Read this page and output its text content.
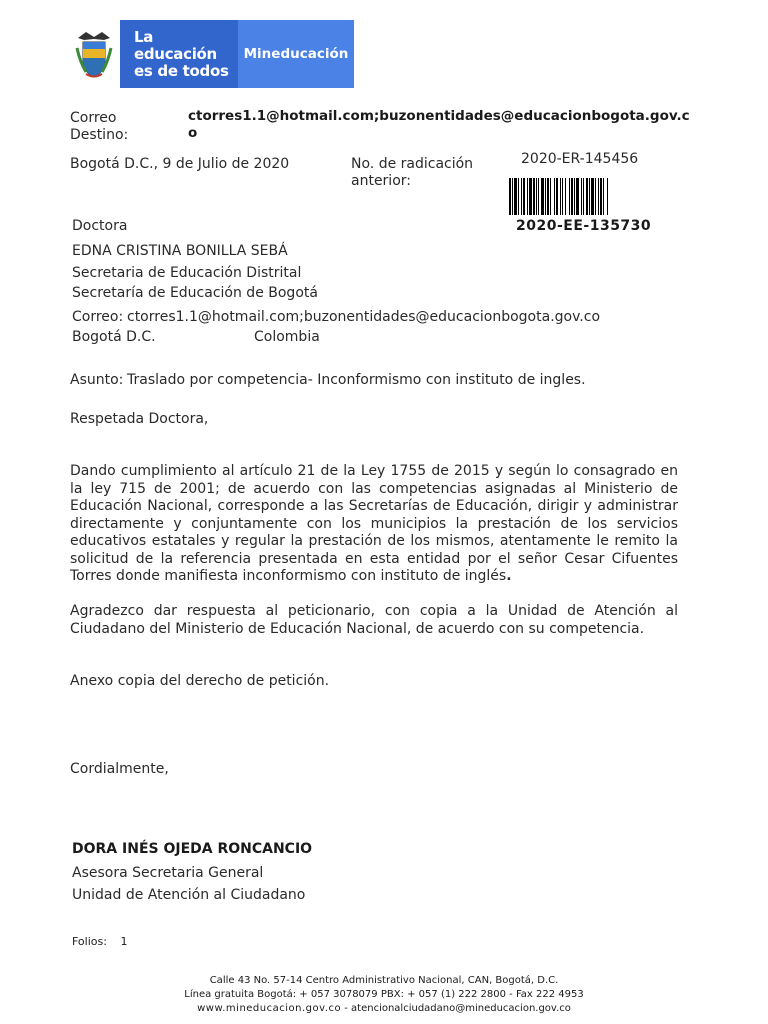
La educación
es de todos
Mineducación
Correo
Destino:
ctorres1.1@hotmail.com;buzonentidades@educacionbogota.gov.c
o
Bogotá D.C., 9 de Julio de 2020	No. de radicación
anterior:
2020-ER-145456
2020-EE-135730
Doctora
EDNA CRISTINA BONILLA SEBÁ
Secretaria de Educación Distrital
Secretaría de Educación de Bogotá
Correo: ctorres1.1@hotmail.com;buzonentidades@educacionbogota.gov.co
Bogotá D.C.	Colombia
Asunto: Traslado por competencia- Inconformismo con instituto de ingles.
Respetada Doctora,
Dando cumplimiento al artículo 21 de la Ley 1755 de 2015 y según lo consagrado en la ley 715 de 2001; de acuerdo con las competencias asignadas al Ministerio de Educación Nacional, corresponde a las Secretarías de Educación, dirigir y administrar directamente y conjuntamente con los municipios la prestación de los servicios educativos estatales y regular la prestación de los mismos, atentamente le remito la solicitud de la referencia presentada en esta entidad por el señor Cesar Cifuentes Torres donde manifiesta inconformismo con instituto de inglés.
Agradezco dar respuesta al peticionario, con copia a la Unidad de Atención al Ciudadano del Ministerio de Educación Nacional, de acuerdo con su competencia.
Anexo copia del derecho de petición.
Cordialmente,
DORA INÉS OJEDA RONCANCIO
Asesora Secretaria General
Unidad de Atención al Ciudadano
Folios: 1
Calle 43 No. 57-14 Centro Administrativo Nacional, CAN, Bogotá, D.C.
Línea gratuita Bogotá: + 057 3078079 PBX: + 057 (1) 222 2800 - Fax 222 4953
www.mineducacion.gov.co - atencionalciudadano@mineducacion.gov.co
